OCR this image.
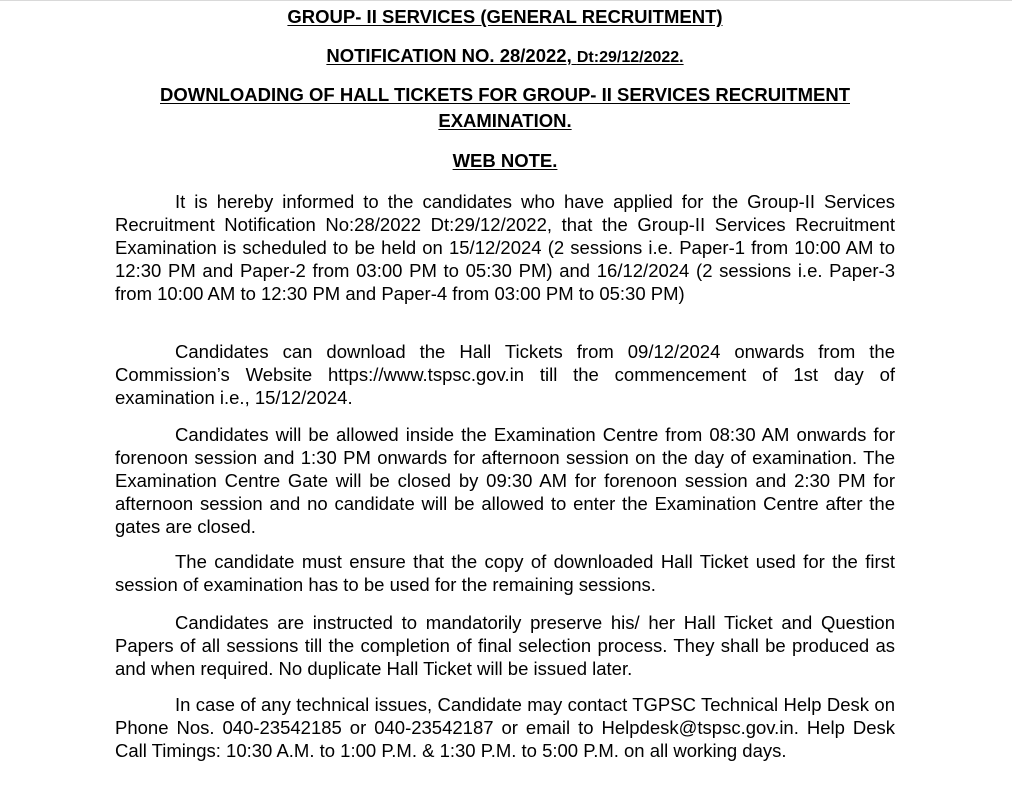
GROUP- II SERVICES (GENERAL RECRUITMENT)
NOTIFICATION NO. 28/2022, Dt:29/12/2022.
DOWNLOADING OF HALL TICKETS FOR GROUP- II SERVICES RECRUITMENT EXAMINATION.
WEB NOTE.

It is hereby informed to the candidates who have applied for the Group-II Services Recruitment Notification No:28/2022 Dt:29/12/2022, that the Group-II Services Recruitment Examination is scheduled to be held on 15/12/2024 (2 sessions i.e. Paper-1 from 10:00 AM to 12:30 PM and Paper-2 from 03:00 PM to 05:30 PM) and 16/12/2024 (2 sessions i.e. Paper-3 from 10:00 AM to 12:30 PM and Paper-4 from 03:00 PM to 05:30 PM)

Candidates can download the Hall Tickets from 09/12/2024 onwards from the Commission’s Website https://www.tspsc.gov.in till the commencement of 1st day of examination i.e., 15/12/2024.

Candidates will be allowed inside the Examination Centre from 08:30 AM onwards for forenoon session and 1:30 PM onwards for afternoon session on the day of examination. The Examination Centre Gate will be closed by 09:30 AM for forenoon session and 2:30 PM for afternoon session and no candidate will be allowed to enter the Examination Centre after the gates are closed.

The candidate must ensure that the copy of downloaded Hall Ticket used for the first session of examination has to be used for the remaining sessions.

Candidates are instructed to mandatorily preserve his/ her Hall Ticket and Question Papers of all sessions till the completion of final selection process. They shall be produced as and when required. No duplicate Hall Ticket will be issued later.

In case of any technical issues, Candidate may contact TGPSC Technical Help Desk on Phone Nos. 040-23542185 or 040-23542187 or email to Helpdesk@tspsc.gov.in. Help Desk Call Timings: 10:30 A.M. to 1:00 P.M. & 1:30 P.M. to 5:00 P.M. on all working days.
